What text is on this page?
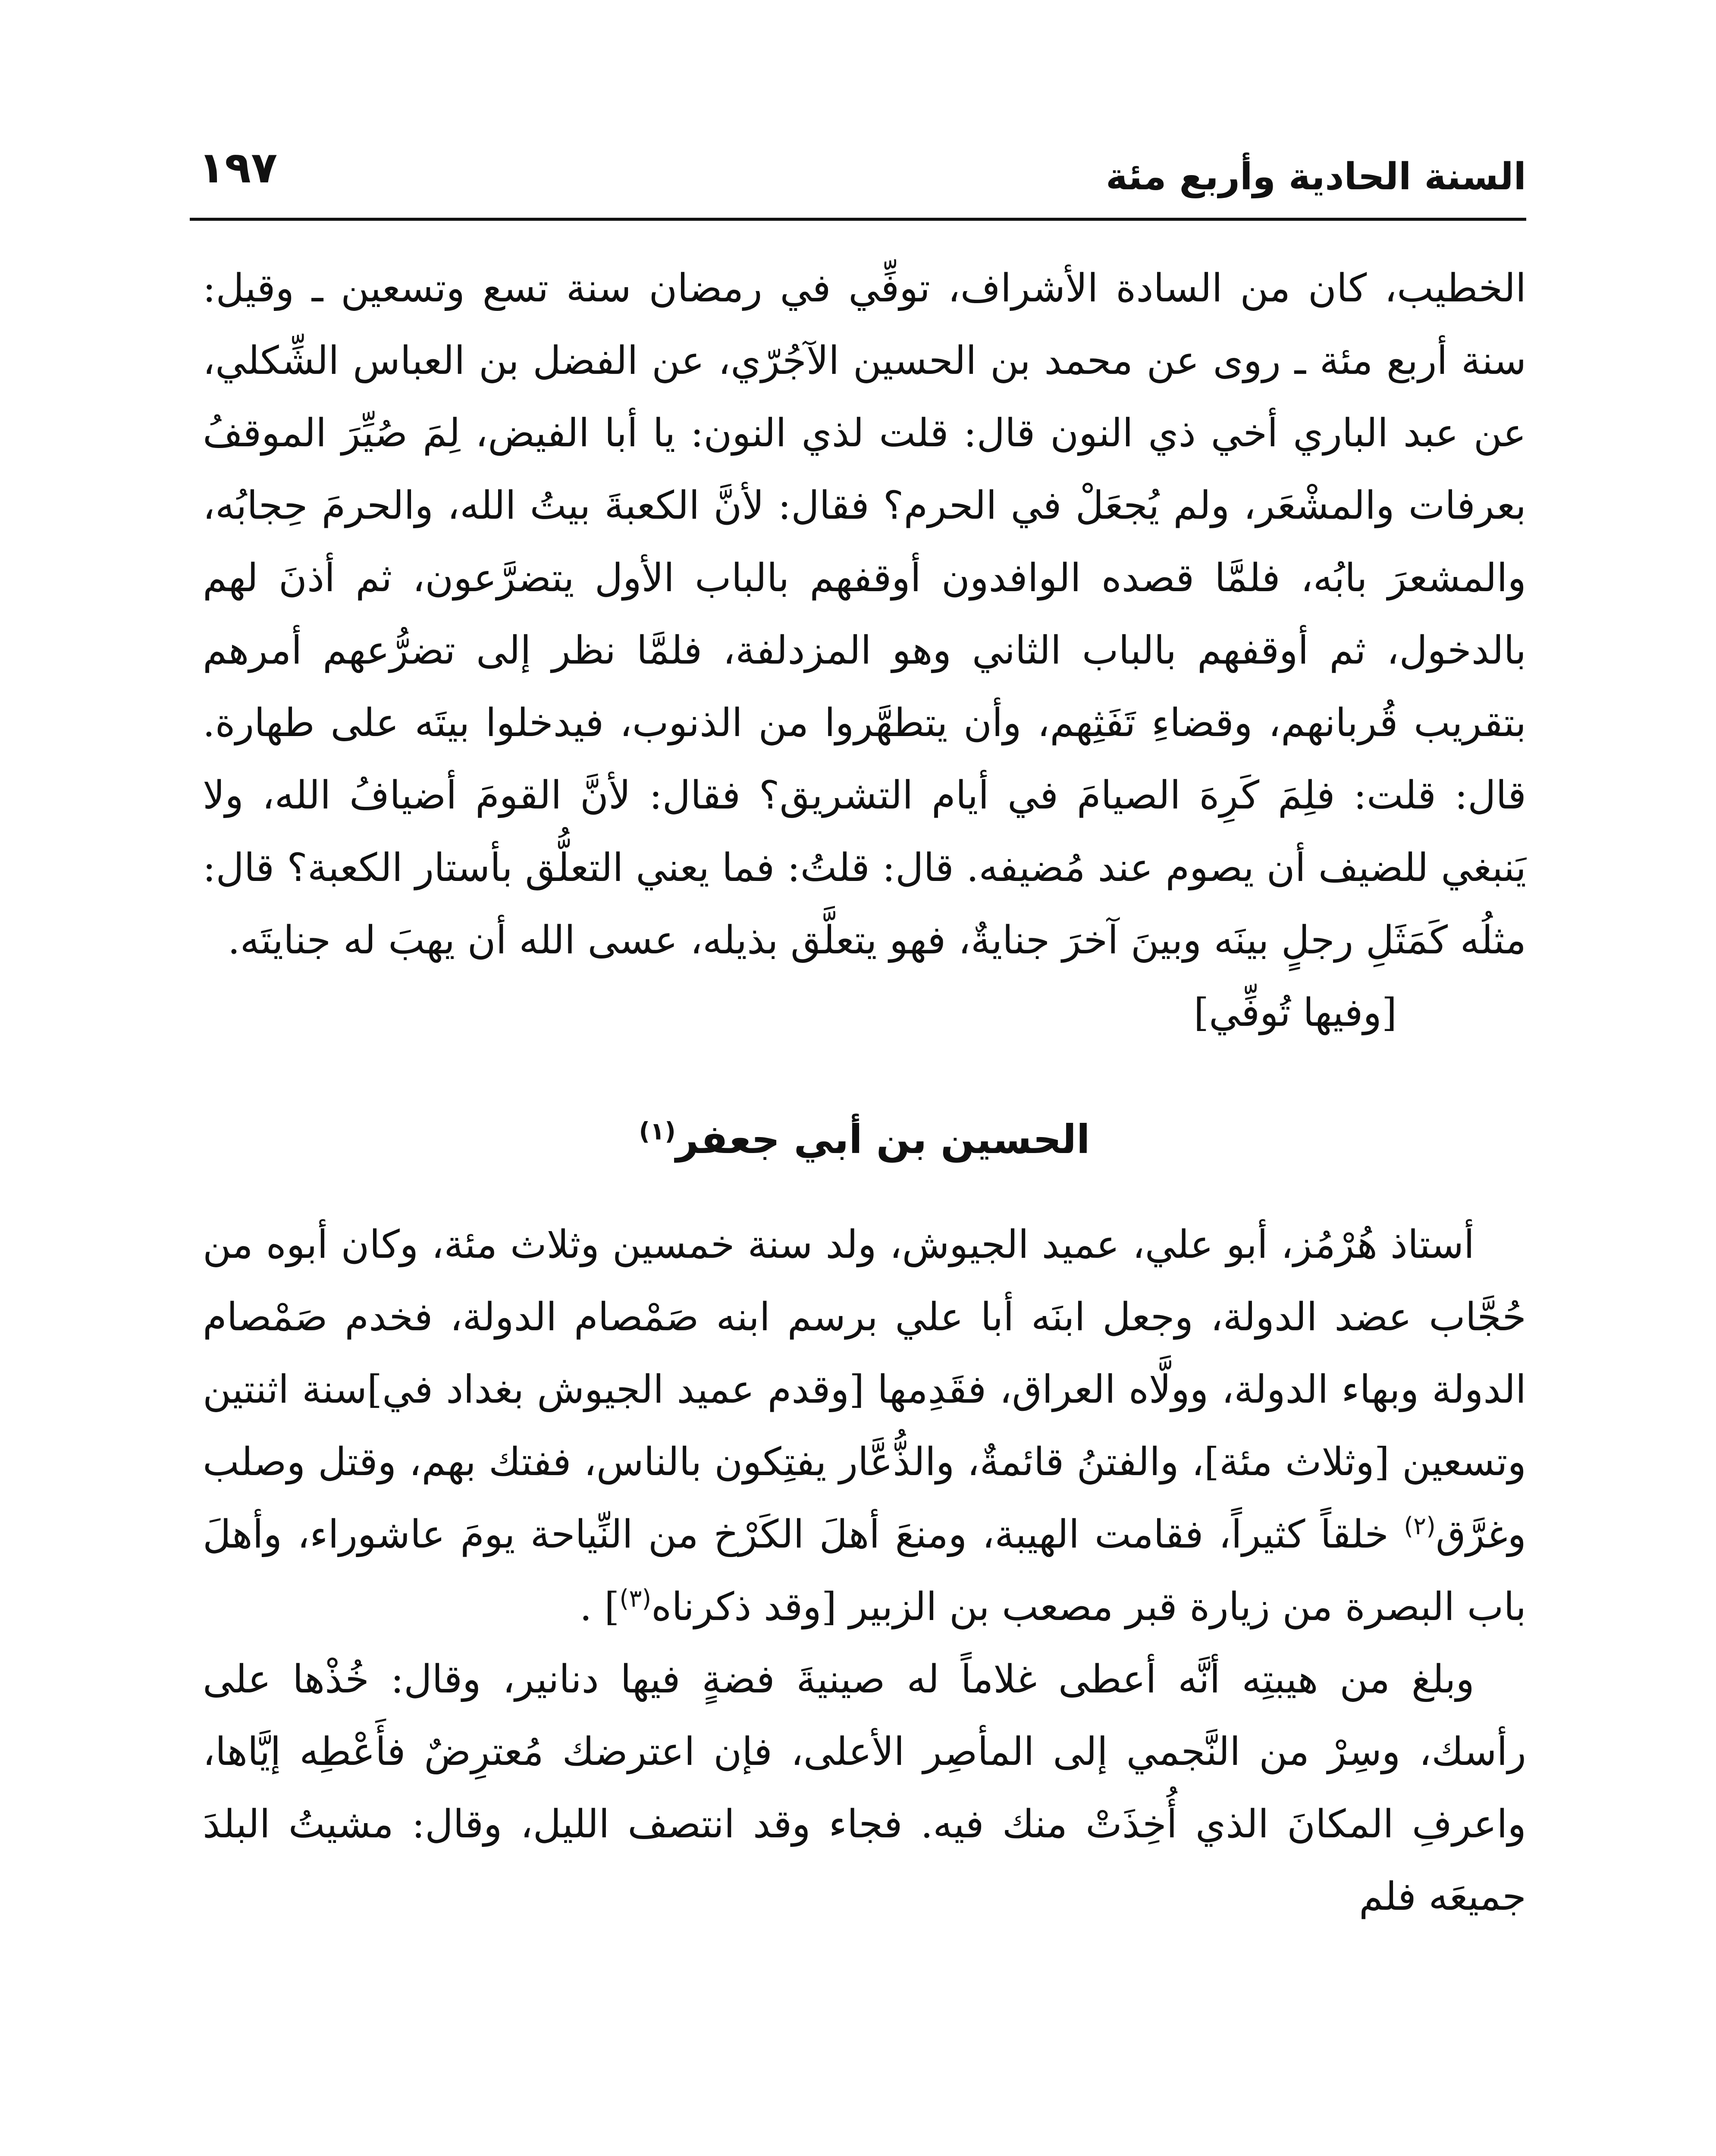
السنة الحادية وأربع مئة
١٩٧

الخطيب، كان من السادة الأشراف، توفِّي في رمضان سنة تسع وتسعين ـ وقيل: سنة أربع مئة ـ روى عن محمد بن الحسين الآجُرّي، عن الفضل بن العباس الشِّكلي، عن عبد الباري أخي ذي النون قال: قلت لذي النون: يا أبا الفيض، لِمَ صُيِّرَ الموقفُ بعرفات والمشْعَر، ولم يُجعَلْ في الحرم؟ فقال: لأنَّ الكعبةَ بيتُ الله، والحرمَ حِجابُه، والمشعرَ بابُه، فلمَّا قصده الوافدون أوقفهم بالباب الأول يتضرَّعون، ثم أذنَ لهم بالدخول، ثم أوقفهم بالباب الثاني وهو المزدلفة، فلمَّا نظر إلى تضرُّعهم أمرهم بتقريب قُربانهم، وقضاءِ تَفَثِهم، وأن يتطهَّروا من الذنوب، فيدخلوا بيتَه على طهارة. قال: قلت: فلِمَ كَرِهَ الصيامَ في أيام التشريق؟ فقال: لأنَّ القومَ أضيافُ الله، ولا يَنبغي للضيف أن يصوم عند مُضيفه. قال: قلتُ: فما يعني التعلُّق بأستار الكعبة؟ قال: مثلُه كَمَثَلِ رجلٍ بينَه وبينَ آخرَ جنايةٌ، فهو يتعلَّق بذيله، عسى الله أن يهبَ له جنايتَه.

[وفيها تُوفِّي]

الحسين بن أبي جعفر$^{(١)}$

أستاذ هُرْمُز، أبو علي، عميد الجيوش، ولد سنة خمسين وثلاث مئة، وكان أبوه من حُجَّاب عضد الدولة، وجعل ابنَه أبا علي برسم ابنه صَمْصام الدولة، فخدم صَمْصام الدولة وبهاء الدولة، وولَّاه العراق، فقَدِمها [وقدم عميد الجيوش بغداد في]سنة اثنتين وتسعين [وثلاث مئة]، والفتنُ قائمةٌ، والذُّعَّار يفتِكون بالناس، ففتك بهم، وقتل وصلب وغرَّق$^{(٢)}$ خلقاً كثيراً، فقامت الهيبة، ومنعَ أهلَ الكَرْخ من النِّياحة يومَ عاشوراء، وأهلَ باب البصرة من زيارة قبر مصعب بن الزبير [وقد ذكرناه$^{(٣)}$] .

وبلغ من هيبتِه أنَّه أعطى غلاماً له صينيةَ فضةٍ فيها دنانير، وقال: خُذْها على رأسك، وسِرْ من النَّجمي إلى المأصِر الأعلى، فإن اعترضك مُعترِضٌ فأَعْطِه إيَّاها، واعرفِ المكانَ الذي أُخِذَتْ منك فيه. فجاء وقد انتصف الليل، وقال: مشيتُ البلدَ جميعَه فلم
